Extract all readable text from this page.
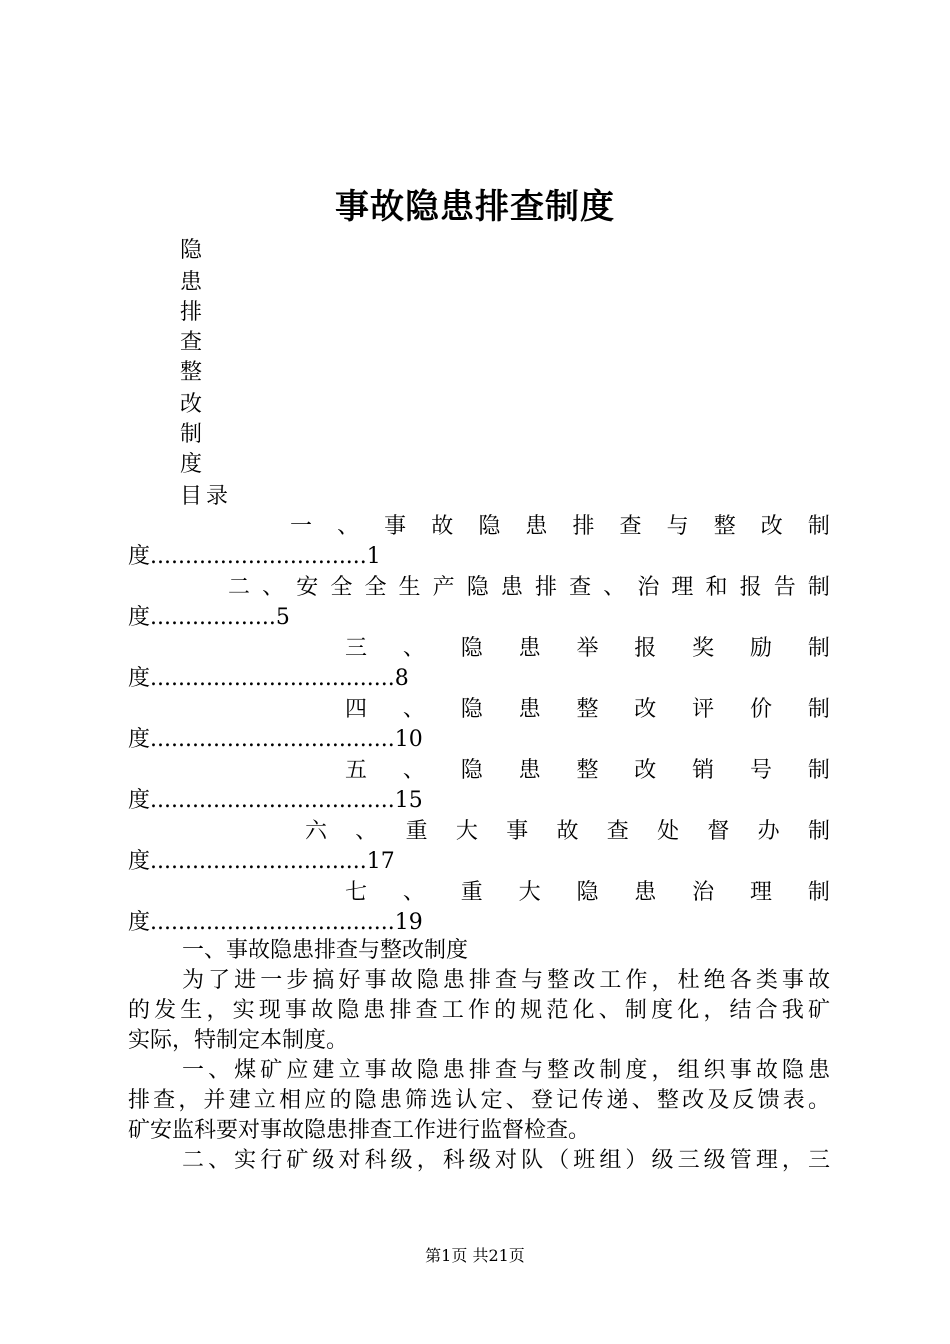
事故隐患排查制度
隐
患
排
查
整
改
制
度
目录
一 、 事 故 隐 患 排 查 与 整 改 制
度...............................1
二 、 安 全 全 生 产 隐 患 排 查 、 治 理 和 报 告 制
度..................5
三 、 隐 患 举 报 奖 励 制
度...................................8
四 、 隐 患 整 改 评 价 制
度...................................10
五 、 隐 患 整 改 销 号 制
度...................................15
六 、 重 大 事 故 查 处 督 办 制
度...............................17
七 、 重 大 隐 患 治 理 制
度...................................19
一、事故隐患排查与整改制度
为了进一步搞好事故隐患排查与整改工作，杜绝各类事故
的发生，实现事故隐患排查工作的规范化、制度化，结合我矿
实际，特制定本制度。
一、煤矿应建立事故隐患排查与整改制度，组织事故隐患
排查，并建立相应的隐患筛选认定、登记传递、整改及反馈表。
矿安监科要对事故隐患排查工作进行监督检查。
二、实行矿级对科级，科级对队（班组）级三级管理，三
第1页 共21页
